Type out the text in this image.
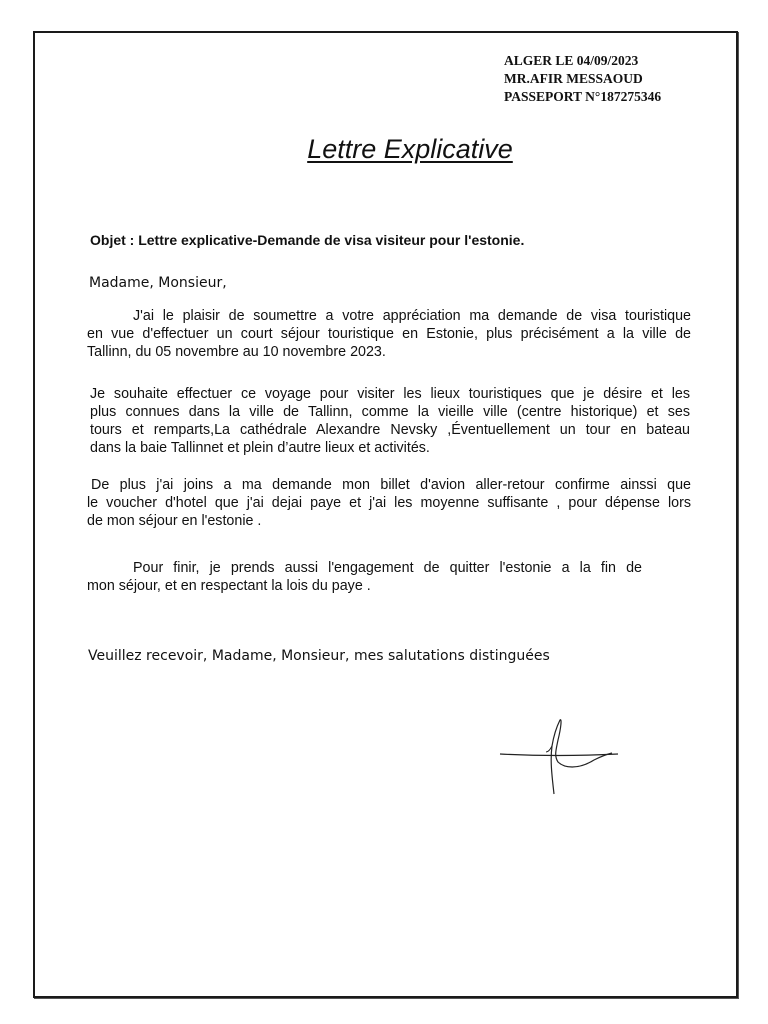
ALGER LE 04/09/2023
MR.AFIR MESSAOUD
PASSEPORT N°187275346
Lettre Explicative
Objet : Lettre explicative-Demande de visa visiteur pour l'estonie.
Madame, Monsieur,
J'ai le plaisir de soumettre a votre appréciation ma demande de visa touristique
en vue d'effectuer un court séjour touristique en Estonie, plus précisément a la ville de
Tallinn, du 05 novembre au 10 novembre 2023.
Je souhaite effectuer ce voyage pour visiter les lieux touristiques que je désire et les
plus connues dans la ville de Tallinn, comme la vieille ville (centre historique) et ses
tours et remparts,La cathédrale Alexandre Nevsky ,Éventuellement un tour en bateau
dans la baie Tallinnet et plein d’autre lieux et activités.
De plus j'ai joins a ma demande mon billet d'avion aller-retour confirme ainssi que
le voucher d'hotel que j'ai dejai paye et j'ai les moyenne suffisante , pour dépense lors
de mon séjour en l'estonie .
Pour finir, je prends aussi l'engagement de quitter l'estonie a la fin de
mon séjour, et en respectant la lois du paye .
Veuillez recevoir, Madame, Monsieur, mes salutations distinguées
